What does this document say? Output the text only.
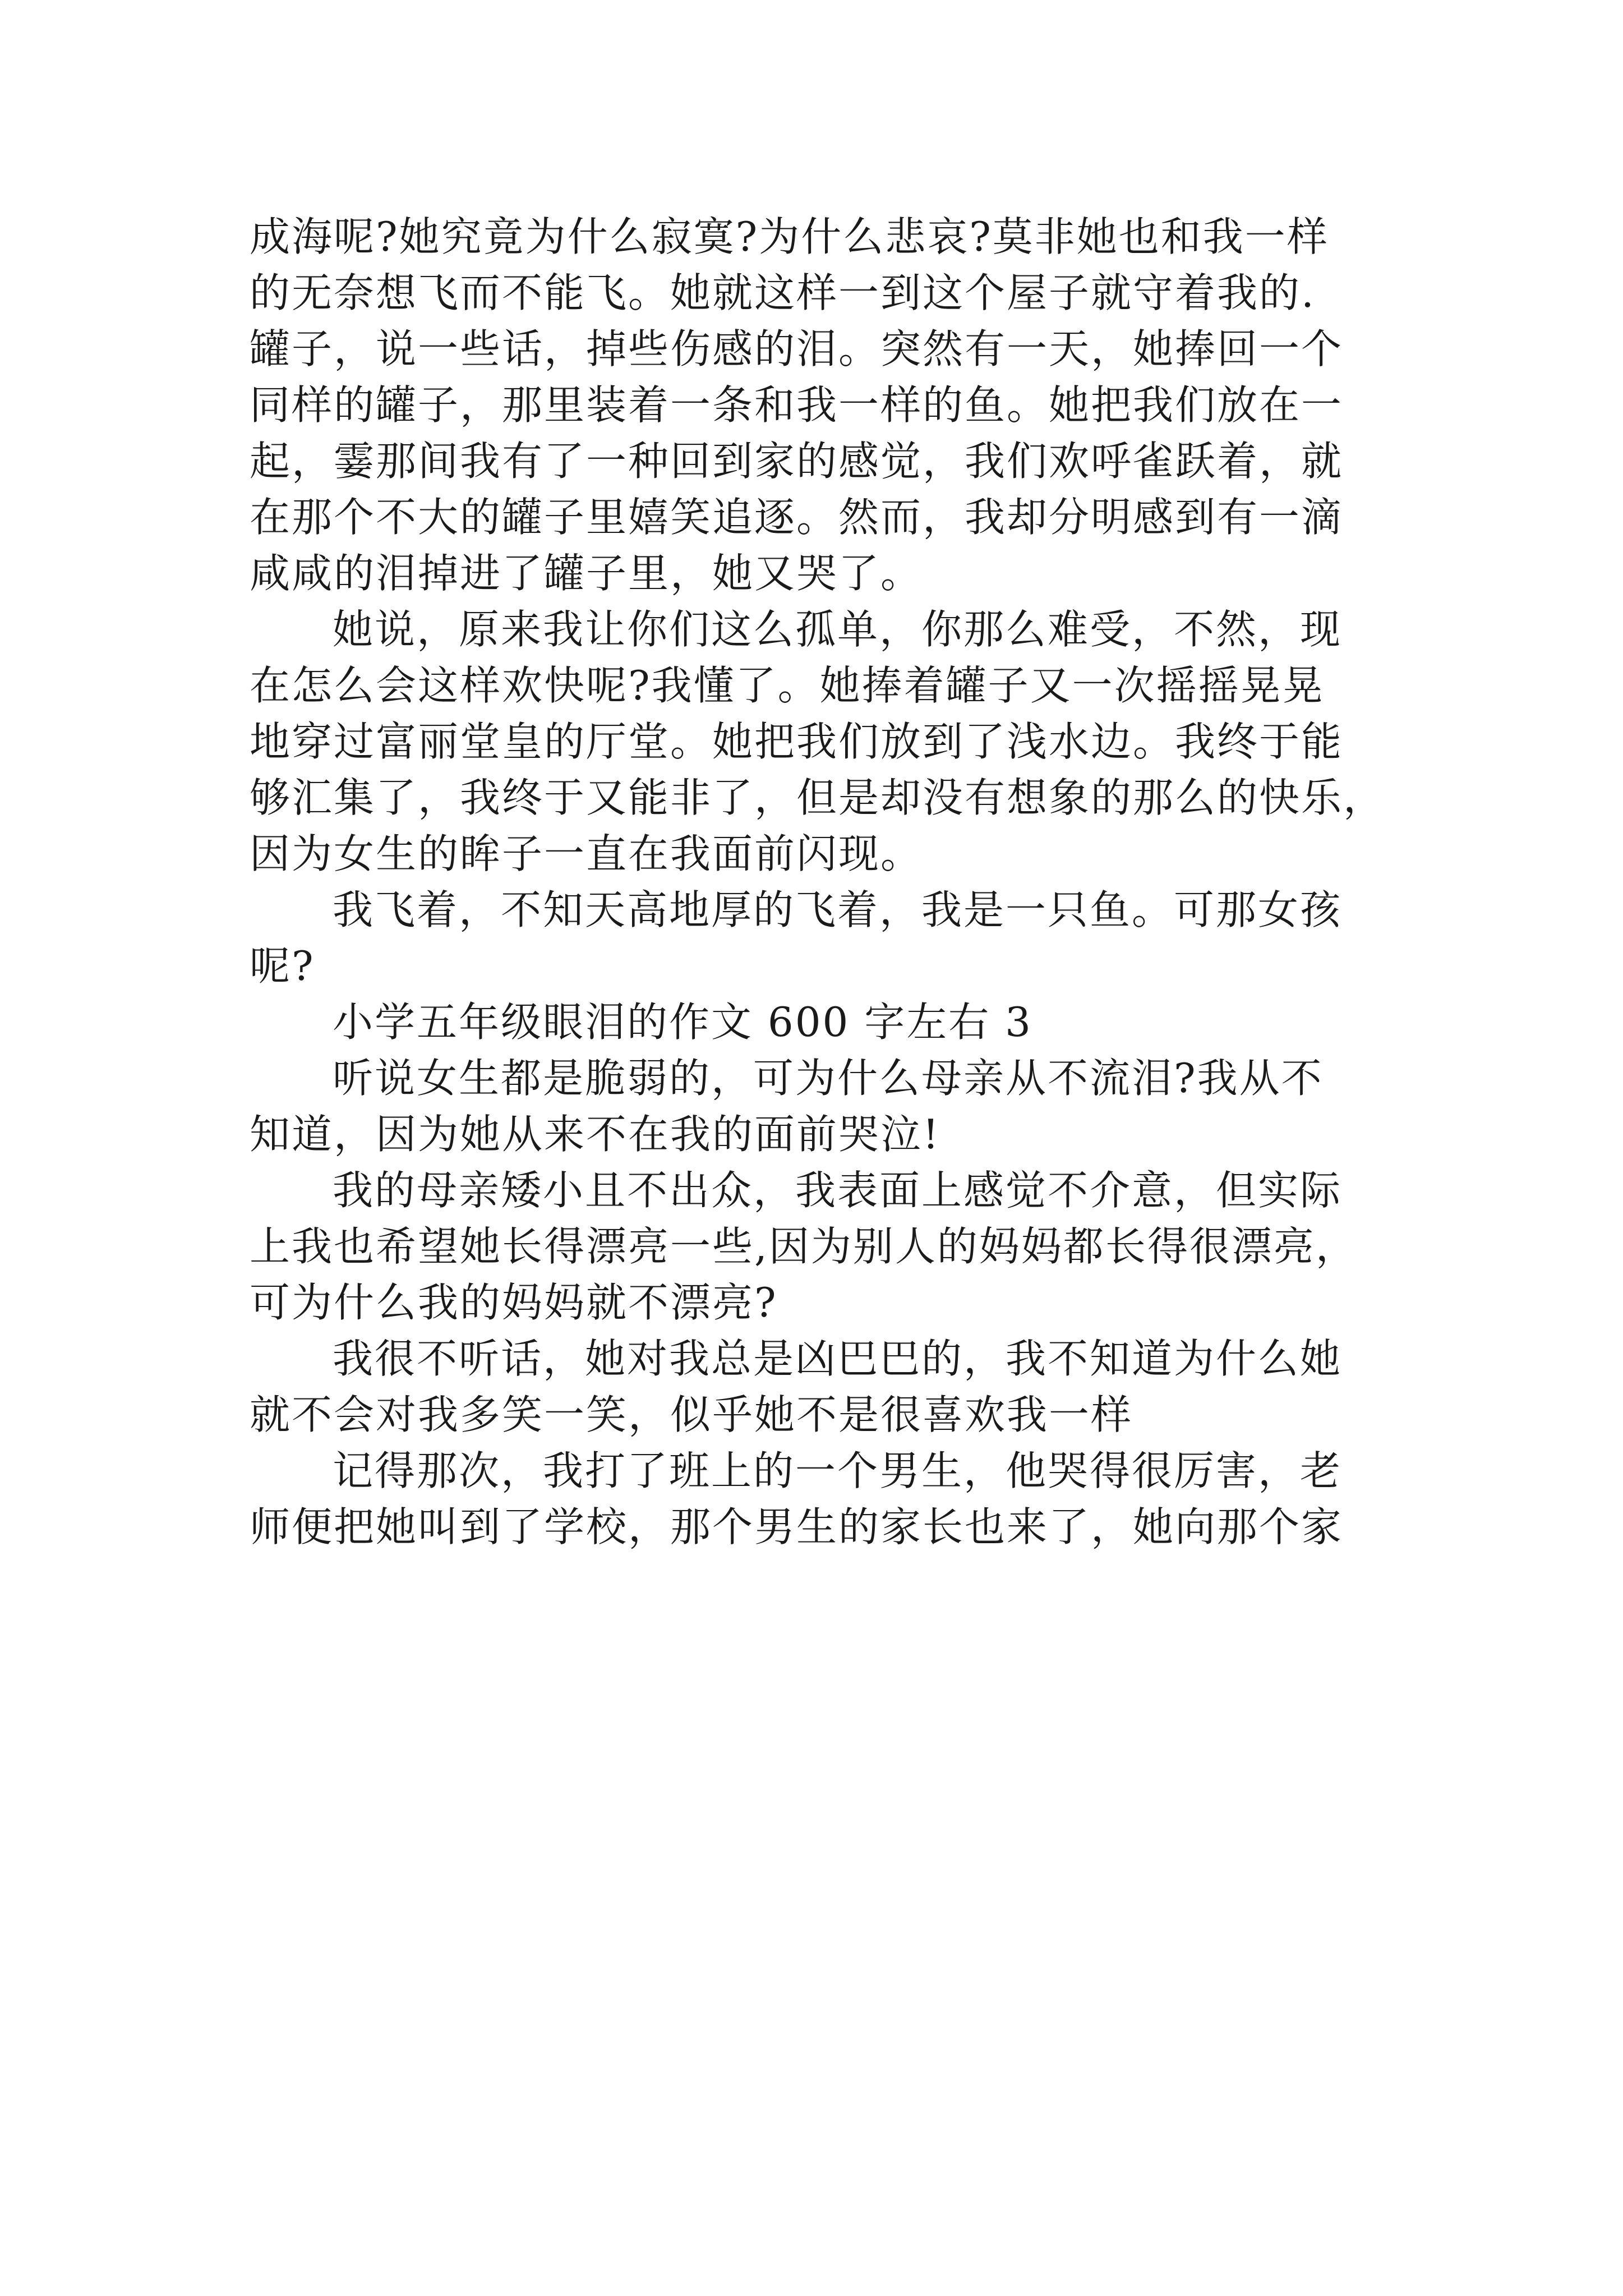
成海呢?她究竟为什么寂寞?为什么悲哀?莫非她也和我一样
的无奈想飞而不能飞。她就这样一到这个屋子就守着我的.
罐子，说一些话，掉些伤感的泪。突然有一天，她捧回一个
同样的罐子，那里装着一条和我一样的鱼。她把我们放在一
起，霎那间我有了一种回到家的感觉，我们欢呼雀跃着，就
在那个不大的罐子里嬉笑追逐。然而，我却分明感到有一滴
咸咸的泪掉进了罐子里，她又哭了。
她说，原来我让你们这么孤单，你那么难受，不然，现
在怎么会这样欢快呢?我懂了。她捧着罐子又一次摇摇晃晃
地穿过富丽堂皇的厅堂。她把我们放到了浅水边。我终于能
够汇集了，我终于又能非了，但是却没有想象的那么的快乐，
因为女生的眸子一直在我面前闪现。
我飞着，不知天高地厚的飞着，我是一只鱼。可那女孩
呢?
小学五年级眼泪的作文 600 字左右 3
听说女生都是脆弱的，可为什么母亲从不流泪?我从不
知道，因为她从来不在我的面前哭泣!
我的母亲矮小且不出众，我表面上感觉不介意，但实际
上我也希望她长得漂亮一些,因为别人的妈妈都长得很漂亮，
可为什么我的妈妈就不漂亮?
我很不听话，她对我总是凶巴巴的，我不知道为什么她
就不会对我多笑一笑，似乎她不是很喜欢我一样
记得那次，我打了班上的一个男生，他哭得很厉害，老
师便把她叫到了学校，那个男生的家长也来了，她向那个家
